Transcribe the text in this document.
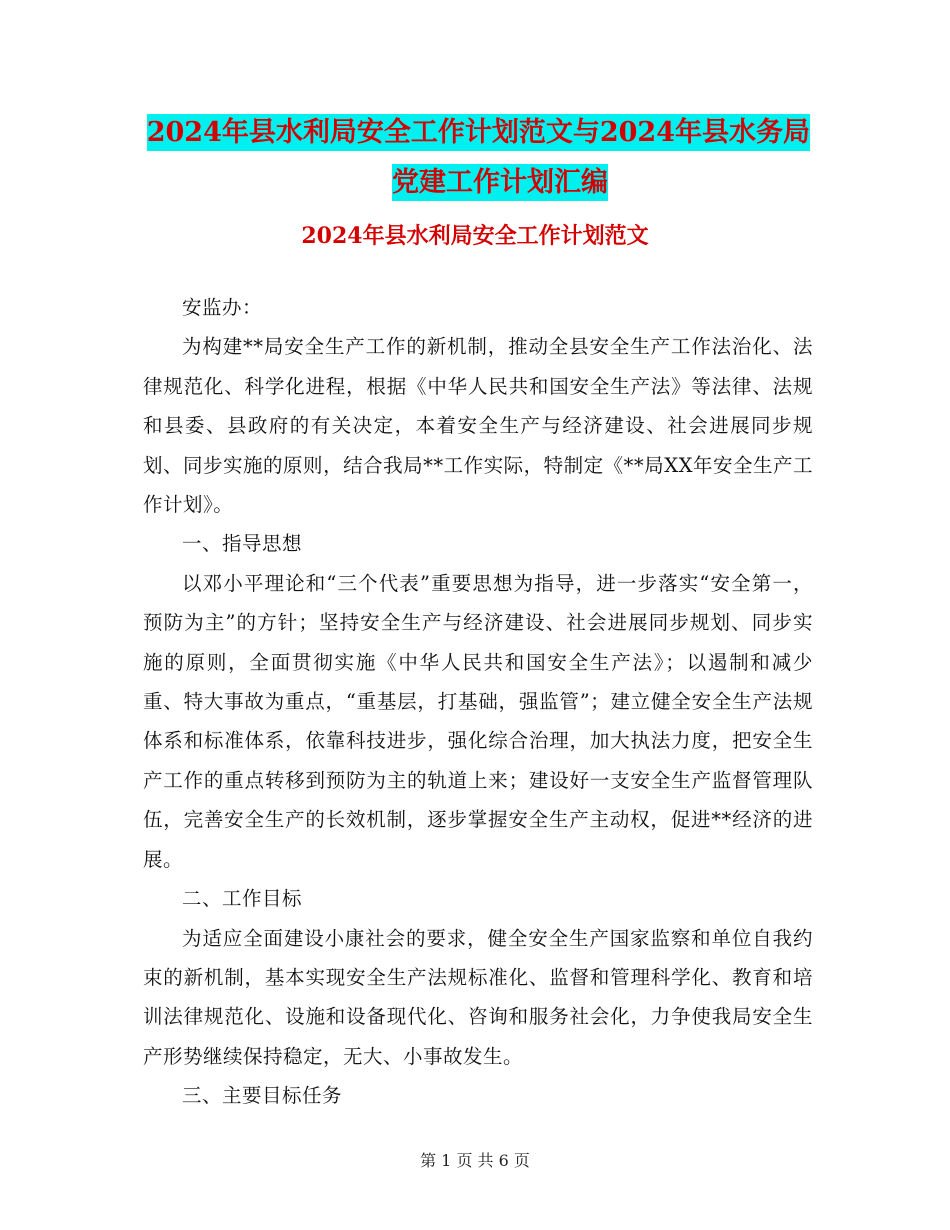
2024年县水利局安全工作计划范文与2024年县水务局
党建工作计划汇编
2024年县水利局安全工作计划范文

安监办：

为构建**局安全生产工作的新机制，推动全县安全生产工作法治化、法律规范化、科学化进程，根据《中华人民共和国安全生产法》等法律、法规和县委、县政府的有关决定，本着安全生产与经济建设、社会进展同步规划、同步实施的原则，结合我局**工作实际，特制定《**局XX年安全生产工作计划》。

一、指导思想

以邓小平理论和“三个代表”重要思想为指导，进一步落实“安全第一，预防为主”的方针；坚持安全生产与经济建设、社会进展同步规划、同步实施的原则，全面贯彻实施《中华人民共和国安全生产法》；以遏制和减少重、特大事故为重点，“重基层，打基础，强监管”；建立健全安全生产法规体系和标准体系，依靠科技进步，强化综合治理，加大执法力度，把安全生产工作的重点转移到预防为主的轨道上来；建设好一支安全生产监督管理队伍，完善安全生产的长效机制，逐步掌握安全生产主动权，促进**经济的进展。

二、工作目标

为适应全面建设小康社会的要求，健全安全生产国家监察和单位自我约束的新机制，基本实现安全生产法规标准化、监督和管理科学化、教育和培训法律规范化、设施和设备现代化、咨询和服务社会化，力争使我局安全生产形势继续保持稳定，无大、小事故发生。

三、主要目标任务

第 1 页 共 6 页
